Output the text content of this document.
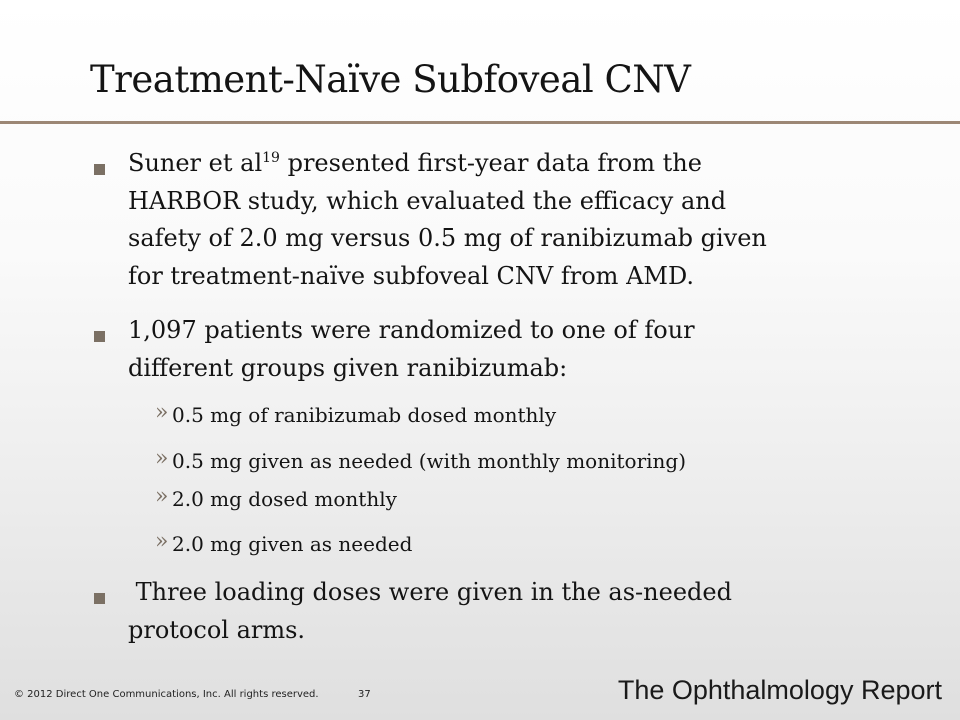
Treatment-Naïve Subfoveal CNV
Suner et $al^{19}$ presented first-year data from the
HARBOR study, which evaluated the efficacy and
safety of 2.0 mg versus 0.5 mg of ranibizumab given
for treatment-naïve subfoveal CNV from AMD.
1,097 patients were randomized to one of four
different groups given ranibizumab:
» 0.5 mg of ranibizumab dosed monthly
» 0.5 mg given as needed (with monthly monitoring)
» 2.0 mg dosed monthly
» 2.0 mg given as needed
Three loading doses were given in the as-needed
protocol arms.
© 2012 Direct One Communications, Inc. All rights reserved.	37	The Ophthalmology Report
